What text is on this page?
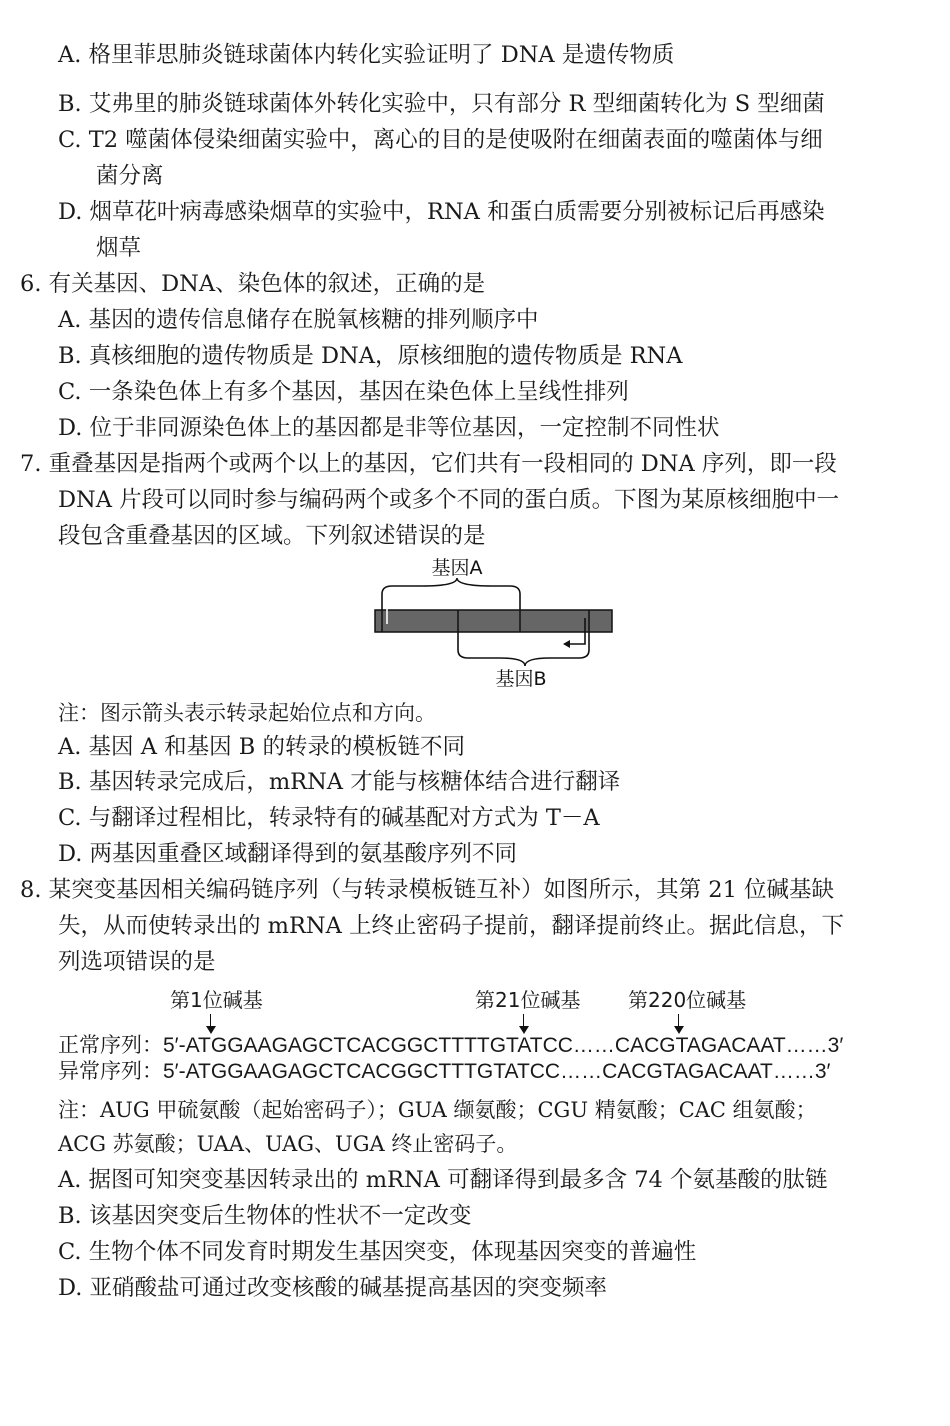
A. 格里菲思肺炎链球菌体内转化实验证明了 DNA 是遗传物质
B. 艾弗里的肺炎链球菌体外转化实验中，只有部分 R 型细菌转化为 S 型细菌
C. T2 噬菌体侵染细菌实验中，离心的目的是使吸附在细菌表面的噬菌体与细
菌分离
D. 烟草花叶病毒感染烟草的实验中，RNA 和蛋白质需要分别被标记后再感染
烟草
6. 有关基因、DNA、染色体的叙述，正确的是
A. 基因的遗传信息储存在脱氧核糖的排列顺序中
B. 真核细胞的遗传物质是 DNA，原核细胞的遗传物质是 RNA
C. 一条染色体上有多个基因，基因在染色体上呈线性排列
D. 位于非同源染色体上的基因都是非等位基因，一定控制不同性状
7. 重叠基因是指两个或两个以上的基因，它们共有一段相同的 DNA 序列，即一段
DNA 片段可以同时参与编码两个或多个不同的蛋白质。下图为某原核细胞中一
段包含重叠基因的区域。下列叙述错误的是
基因A
基因B
注：图示箭头表示转录起始位点和方向。
A. 基因 A 和基因 B 的转录的模板链不同
B. 基因转录完成后，mRNA 才能与核糖体结合进行翻译
C. 与翻译过程相比，转录特有的碱基配对方式为 T－A
D. 两基因重叠区域翻译得到的氨基酸序列不同
8. 某突变基因相关编码链序列（与转录模板链互补）如图所示，其第 21 位碱基缺
失，从而使转录出的 mRNA 上终止密码子提前，翻译提前终止。据此信息，下
列选项错误的是
第1位碱基	第21位碱基 第220位碱基
正常序列：5′-ATGGAAGAGCTCACGGCTTTTGTATCC……CACGTAGACAAT……3′
异常序列：5′-ATGGAAGAGCTCACGGCTTTGTATCC……CACGTAGACAAT……3′
注：AUG 甲硫氨酸（起始密码子）；GUA 缬氨酸；CGU 精氨酸；CAC 组氨酸；
ACG 苏氨酸；UAA、UAG、UGA 终止密码子。
A. 据图可知突变基因转录出的 mRNA 可翻译得到最多含 74 个氨基酸的肽链
B. 该基因突变后生物体的性状不一定改变
C. 生物个体不同发育时期发生基因突变，体现基因突变的普遍性
D. 亚硝酸盐可通过改变核酸的碱基提高基因的突变频率
